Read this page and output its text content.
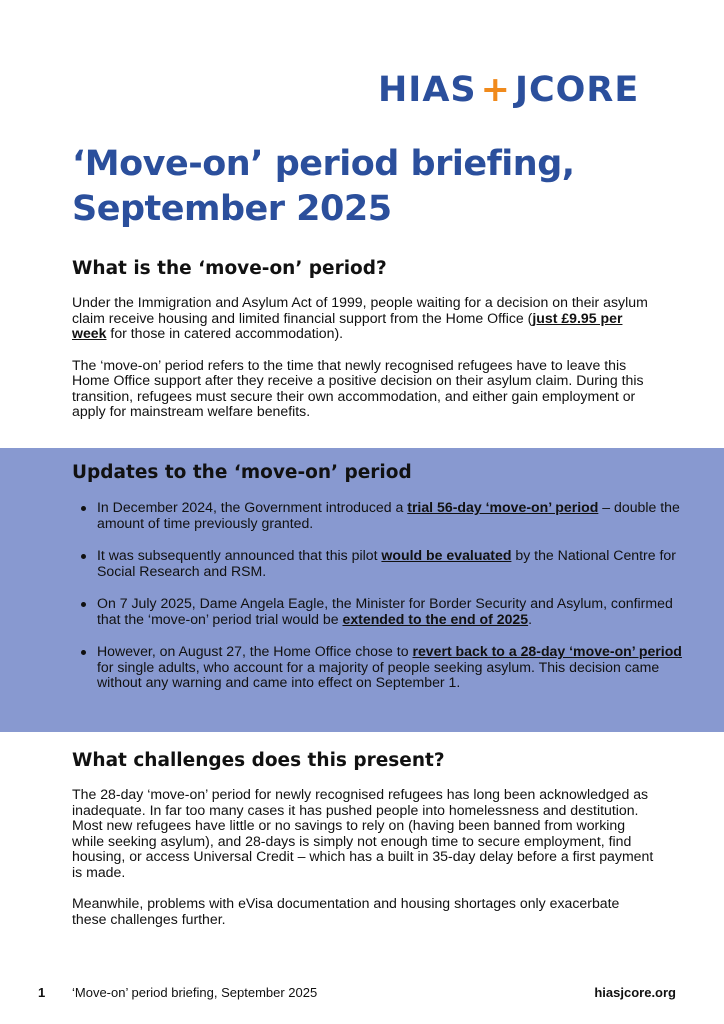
HIAS + JCORE
‘Move-on’ period briefing, September 2025
What is the ‘move-on’ period?

Under the Immigration and Asylum Act of 1999, people waiting for a decision on their asylum claim receive housing and limited financial support from the Home Office (just £9.95 per week for those in catered accommodation).

The ‘move-on’ period refers to the time that newly recognised refugees have to leave this Home Office support after they receive a positive decision on their asylum claim. During this transition, refugees must secure their own accommodation, and either gain employment or apply for mainstream welfare benefits.

Updates to the ‘move-on’ period
In December 2024, the Government introduced a trial 56-day ‘move-on’ period – double the amount of time previously granted.
It was subsequently announced that this pilot would be evaluated by the National Centre for Social Research and RSM.
On 7 July 2025, Dame Angela Eagle, the Minister for Border Security and Asylum, confirmed that the ‘move-on’ period trial would be extended to the end of 2025.
However, on August 27, the Home Office chose to revert back to a 28-day ‘move-on’ period for single adults, who account for a majority of people seeking asylum. This decision came without any warning and came into effect on September 1.
What challenges does this present?

The 28-day ‘move-on’ period for newly recognised refugees has long been acknowledged as inadequate. In far too many cases it has pushed people into homelessness and destitution. Most new refugees have little or no savings to rely on (having been banned from working while seeking asylum), and 28-days is simply not enough time to secure employment, find housing, or access Universal Credit – which has a built in 35-day delay before a first payment is made.

Meanwhile, problems with eVisa documentation and housing shortages only exacerbate these challenges further.

1 ‘Move-on’ period briefing, September 2025	hiasjcore.org
